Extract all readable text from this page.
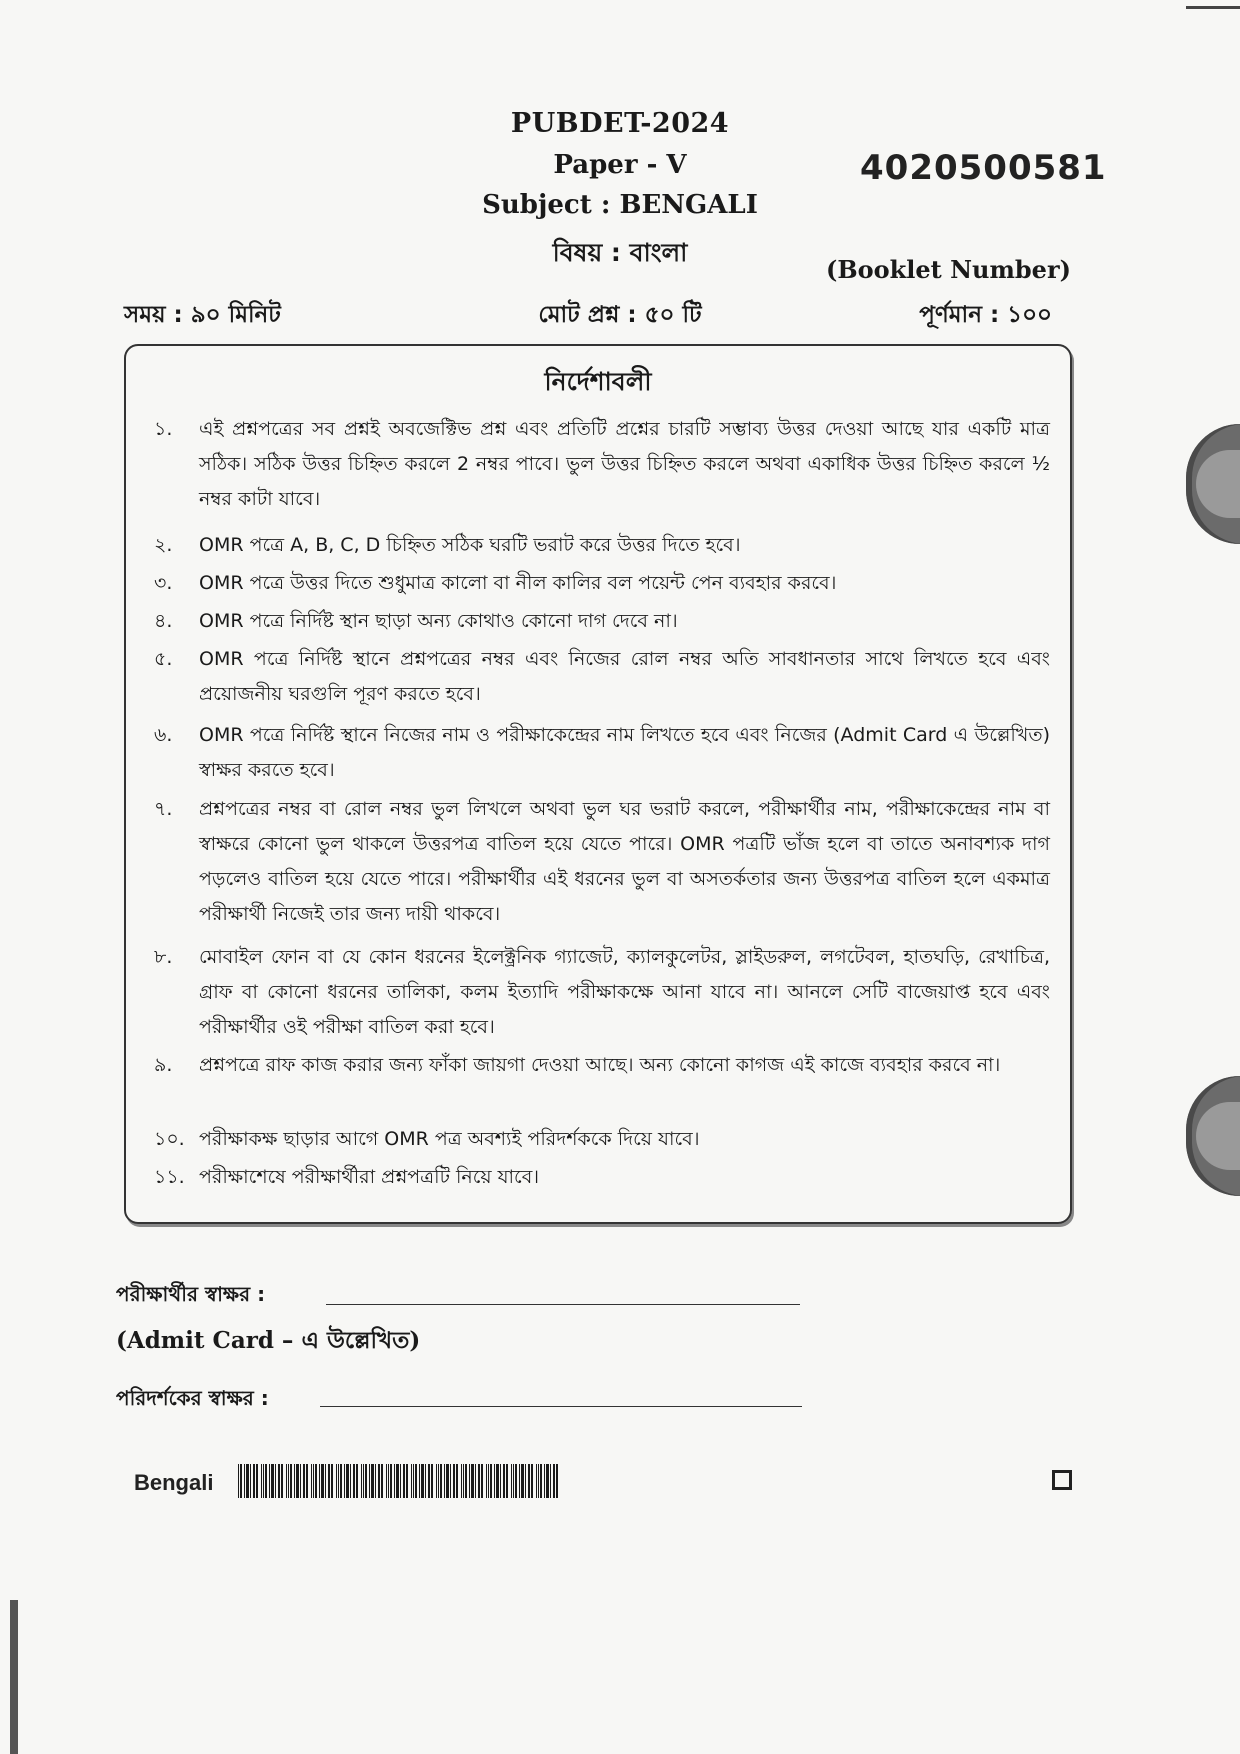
PUBDET-2024
Paper - V
Subject : BENGALI
বিষয় : বাংলা
4020500581
(Booklet Number)
সময় : ৯০ মিনিট	মোট প্রশ্ন : ৫০ টি	পূর্ণমান : ১০০
নির্দেশাবলী
১.	এই প্রশ্নপত্রের সব প্রশ্নই অবজেক্টিভ প্রশ্ন এবং প্রতিটি প্রশ্নের চারটি সম্ভাব্য উত্তর দেওয়া আছে যার একটি মাত্র সঠিক। সঠিক উত্তর চিহ্নিত করলে 2 নম্বর পাবে। ভুল উত্তর চিহ্নিত করলে অথবা একাধিক উত্তর চিহ্নিত করলে ½ নম্বর কাটা যাবে।
২.	OMR পত্রে A, B, C, D চিহ্নিত সঠিক ঘরটি ভরাট করে উত্তর দিতে হবে।
৩.	OMR পত্রে উত্তর দিতে শুধুমাত্র কালো বা নীল কালির বল পয়েন্ট পেন ব্যবহার করবে।
৪.	OMR পত্রে নির্দিষ্ট স্থান ছাড়া অন্য কোথাও কোনো দাগ দেবে না।
৫.	OMR পত্রে নির্দিষ্ট স্থানে প্রশ্নপত্রের নম্বর এবং নিজের রোল নম্বর অতি সাবধানতার সাথে লিখতে হবে এবং প্রয়োজনীয় ঘরগুলি পূরণ করতে হবে।
৬.	OMR পত্রে নির্দিষ্ট স্থানে নিজের নাম ও পরীক্ষাকেন্দ্রের নাম লিখতে হবে এবং নিজের (Admit Card এ উল্লেখিত) স্বাক্ষর করতে হবে।
৭.	প্রশ্নপত্রের নম্বর বা রোল নম্বর ভুল লিখলে অথবা ভুল ঘর ভরাট করলে, পরীক্ষার্থীর নাম, পরীক্ষাকেন্দ্রের নাম বা স্বাক্ষরে কোনো ভুল থাকলে উত্তরপত্র বাতিল হয়ে যেতে পারে। OMR পত্রটি ভাঁজ হলে বা তাতে অনাবশ্যক দাগ পড়লেও বাতিল হয়ে যেতে পারে। পরীক্ষার্থীর এই ধরনের ভুল বা অসতর্কতার জন্য উত্তরপত্র বাতিল হলে একমাত্র পরীক্ষার্থী নিজেই তার জন্য দায়ী থাকবে।
৮.	মোবাইল ফোন বা যে কোন ধরনের ইলেক্ট্রনিক গ্যাজেট, ক্যালকুলেটর, স্লাইডরুল, লগটেবল, হাতঘড়ি, রেখাচিত্র, গ্রাফ বা কোনো ধরনের তালিকা, কলম ইত্যাদি পরীক্ষাকক্ষে আনা যাবে না। আনলে সেটি বাজেয়াপ্ত হবে এবং পরীক্ষার্থীর ওই পরীক্ষা বাতিল করা হবে।
৯.	প্রশ্নপত্রে রাফ কাজ করার জন্য ফাঁকা জায়গা দেওয়া আছে। অন্য কোনো কাগজ এই কাজে ব্যবহার করবে না।
১০. পরীক্ষাকক্ষ ছাড়ার আগে OMR পত্র অবশ্যই পরিদর্শককে দিয়ে যাবে।
১১. পরীক্ষাশেষে পরীক্ষার্থীরা প্রশ্নপত্রটি নিয়ে যাবে।
পরীক্ষার্থীর স্বাক্ষর :
(Admit Card – এ উল্লেখিত)
পরিদর্শকের স্বাক্ষর :
Bengali
